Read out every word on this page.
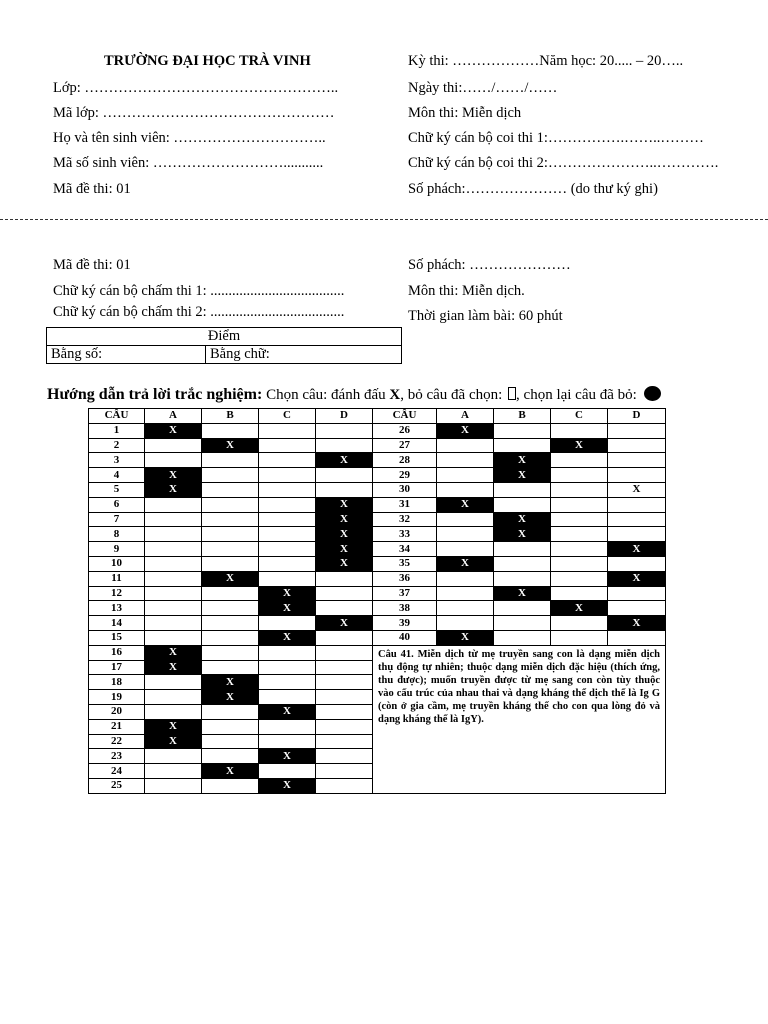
TRƯỜNG ĐẠI HỌC TRÀ VINH
Lớp: ……………………………………………..
Mã lớp: …………………………………………
Họ và tên sinh viên: …………………………..
Mã số sinh viên: ………………………...........
Mã đề thi: 01
Kỳ thi: ………………Năm học: 20..... – 20…..
Ngày thi:……/……/……
Môn thi: Miễn dịch
Chữ ký cán bộ coi thi 1:…………….……..………
Chữ ký cán bộ coi thi 2:…………………..………….
Số phách:………………… (do thư ký ghi)
Mã đề thi: 01
Chữ ký cán bộ chấm thi 1: .....................................
Chữ ký cán bộ chấm thi 2: .....................................
Số phách: …………………
Môn thi: Miễn dịch.
Thời gian làm bài: 60 phút
Điểm
Bằng số:	Bằng chữ:
Hướng dẫn trả lời trắc nghiệm: Chọn câu: đánh đấu X, bỏ câu đã chọn: , chọn lại câu đã bỏ:
CÂU	A	B	C	D	CÂU	A	B	C	D
1	X				26	X			
2		X			27			X	
3				X	28		X		
4	X				29		X		
5	X				30				X
6				X	31	X			
7				X	32		X		
8				X	33		X		
9				X	34				X
10				X	35	X			
11		X			36				X
12			X		37		X		
13			X		38			X	
14				X	39				X
15			X		40	X			
16	X				Câu 41. Miễn dịch từ mẹ truyền sang con là dạng miễn dịch thụ động tự nhiên; thuộc dạng miễn dịch đặc hiệu (thích ứng, thu được); muốn truyền được từ mẹ sang con còn tùy thuộc vào cấu trúc của nhau thai và dạng kháng thể dịch thể là Ig G (còn ở gia cầm, mẹ truyền kháng thể cho con qua lòng đỏ và dạng kháng thể là IgY).				
17	X								
18		X							
19		X							
20			X						
21	X								
22	X								
23			X						
24		X							
25			X						
